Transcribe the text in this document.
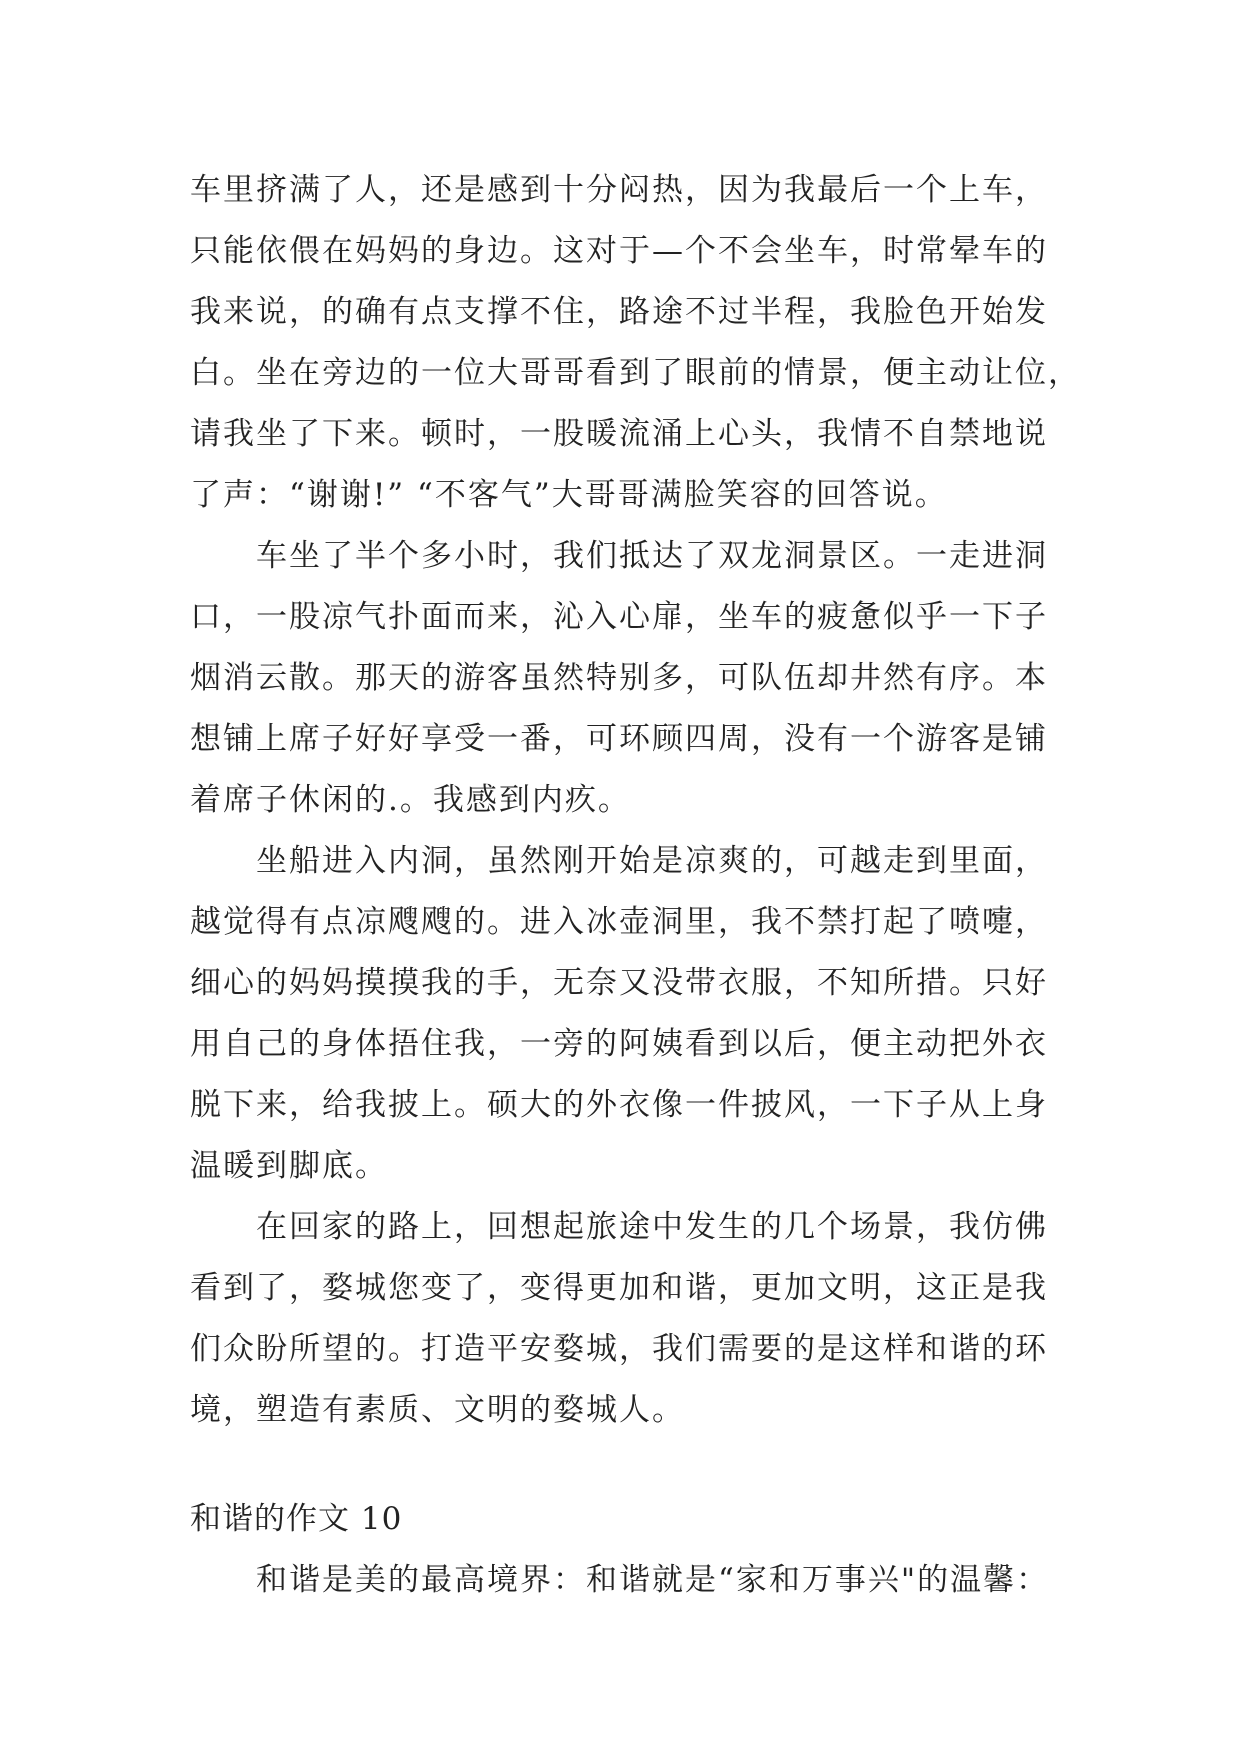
车里挤满了人，还是感到十分闷热，因为我最后一个上车，
只能依偎在妈妈的身边。这对于—个不会坐车，时常晕车的
我来说，的确有点支撑不住，路途不过半程，我脸色开始发
白。坐在旁边的一位大哥哥看到了眼前的情景，便主动让位，
请我坐了下来。顿时，一股暖流涌上心头，我情不自禁地说
了声：“谢谢!” “不客气”大哥哥满脸笑容的回答说。
　　车坐了半个多小时，我们抵达了双龙洞景区。一走进洞
口，一股凉气扑面而来，沁入心扉，坐车的疲惫似乎一下子
烟消云散。那天的游客虽然特别多，可队伍却井然有序。本
想铺上席子好好享受一番，可环顾四周，没有一个游客是铺
着席子休闲的.。我感到内疚。
　　坐船进入内洞，虽然刚开始是凉爽的，可越走到里面，
越觉得有点凉飕飕的。进入冰壶洞里，我不禁打起了喷嚏，
细心的妈妈摸摸我的手，无奈又没带衣服，不知所措。只好
用自己的身体捂住我，一旁的阿姨看到以后，便主动把外衣
脱下来，给我披上。硕大的外衣像一件披风，一下子从上身
温暖到脚底。
　　在回家的路上，回想起旅途中发生的几个场景，我仿佛
看到了，婺城您变了，变得更加和谐，更加文明，这正是我
们众盼所望的。打造平安婺城，我们需要的是这样和谐的环
境，塑造有素质、文明的婺城人。
和谐的作文 10
　　和谐是美的最高境界：和谐就是“家和万事兴"的温馨：
